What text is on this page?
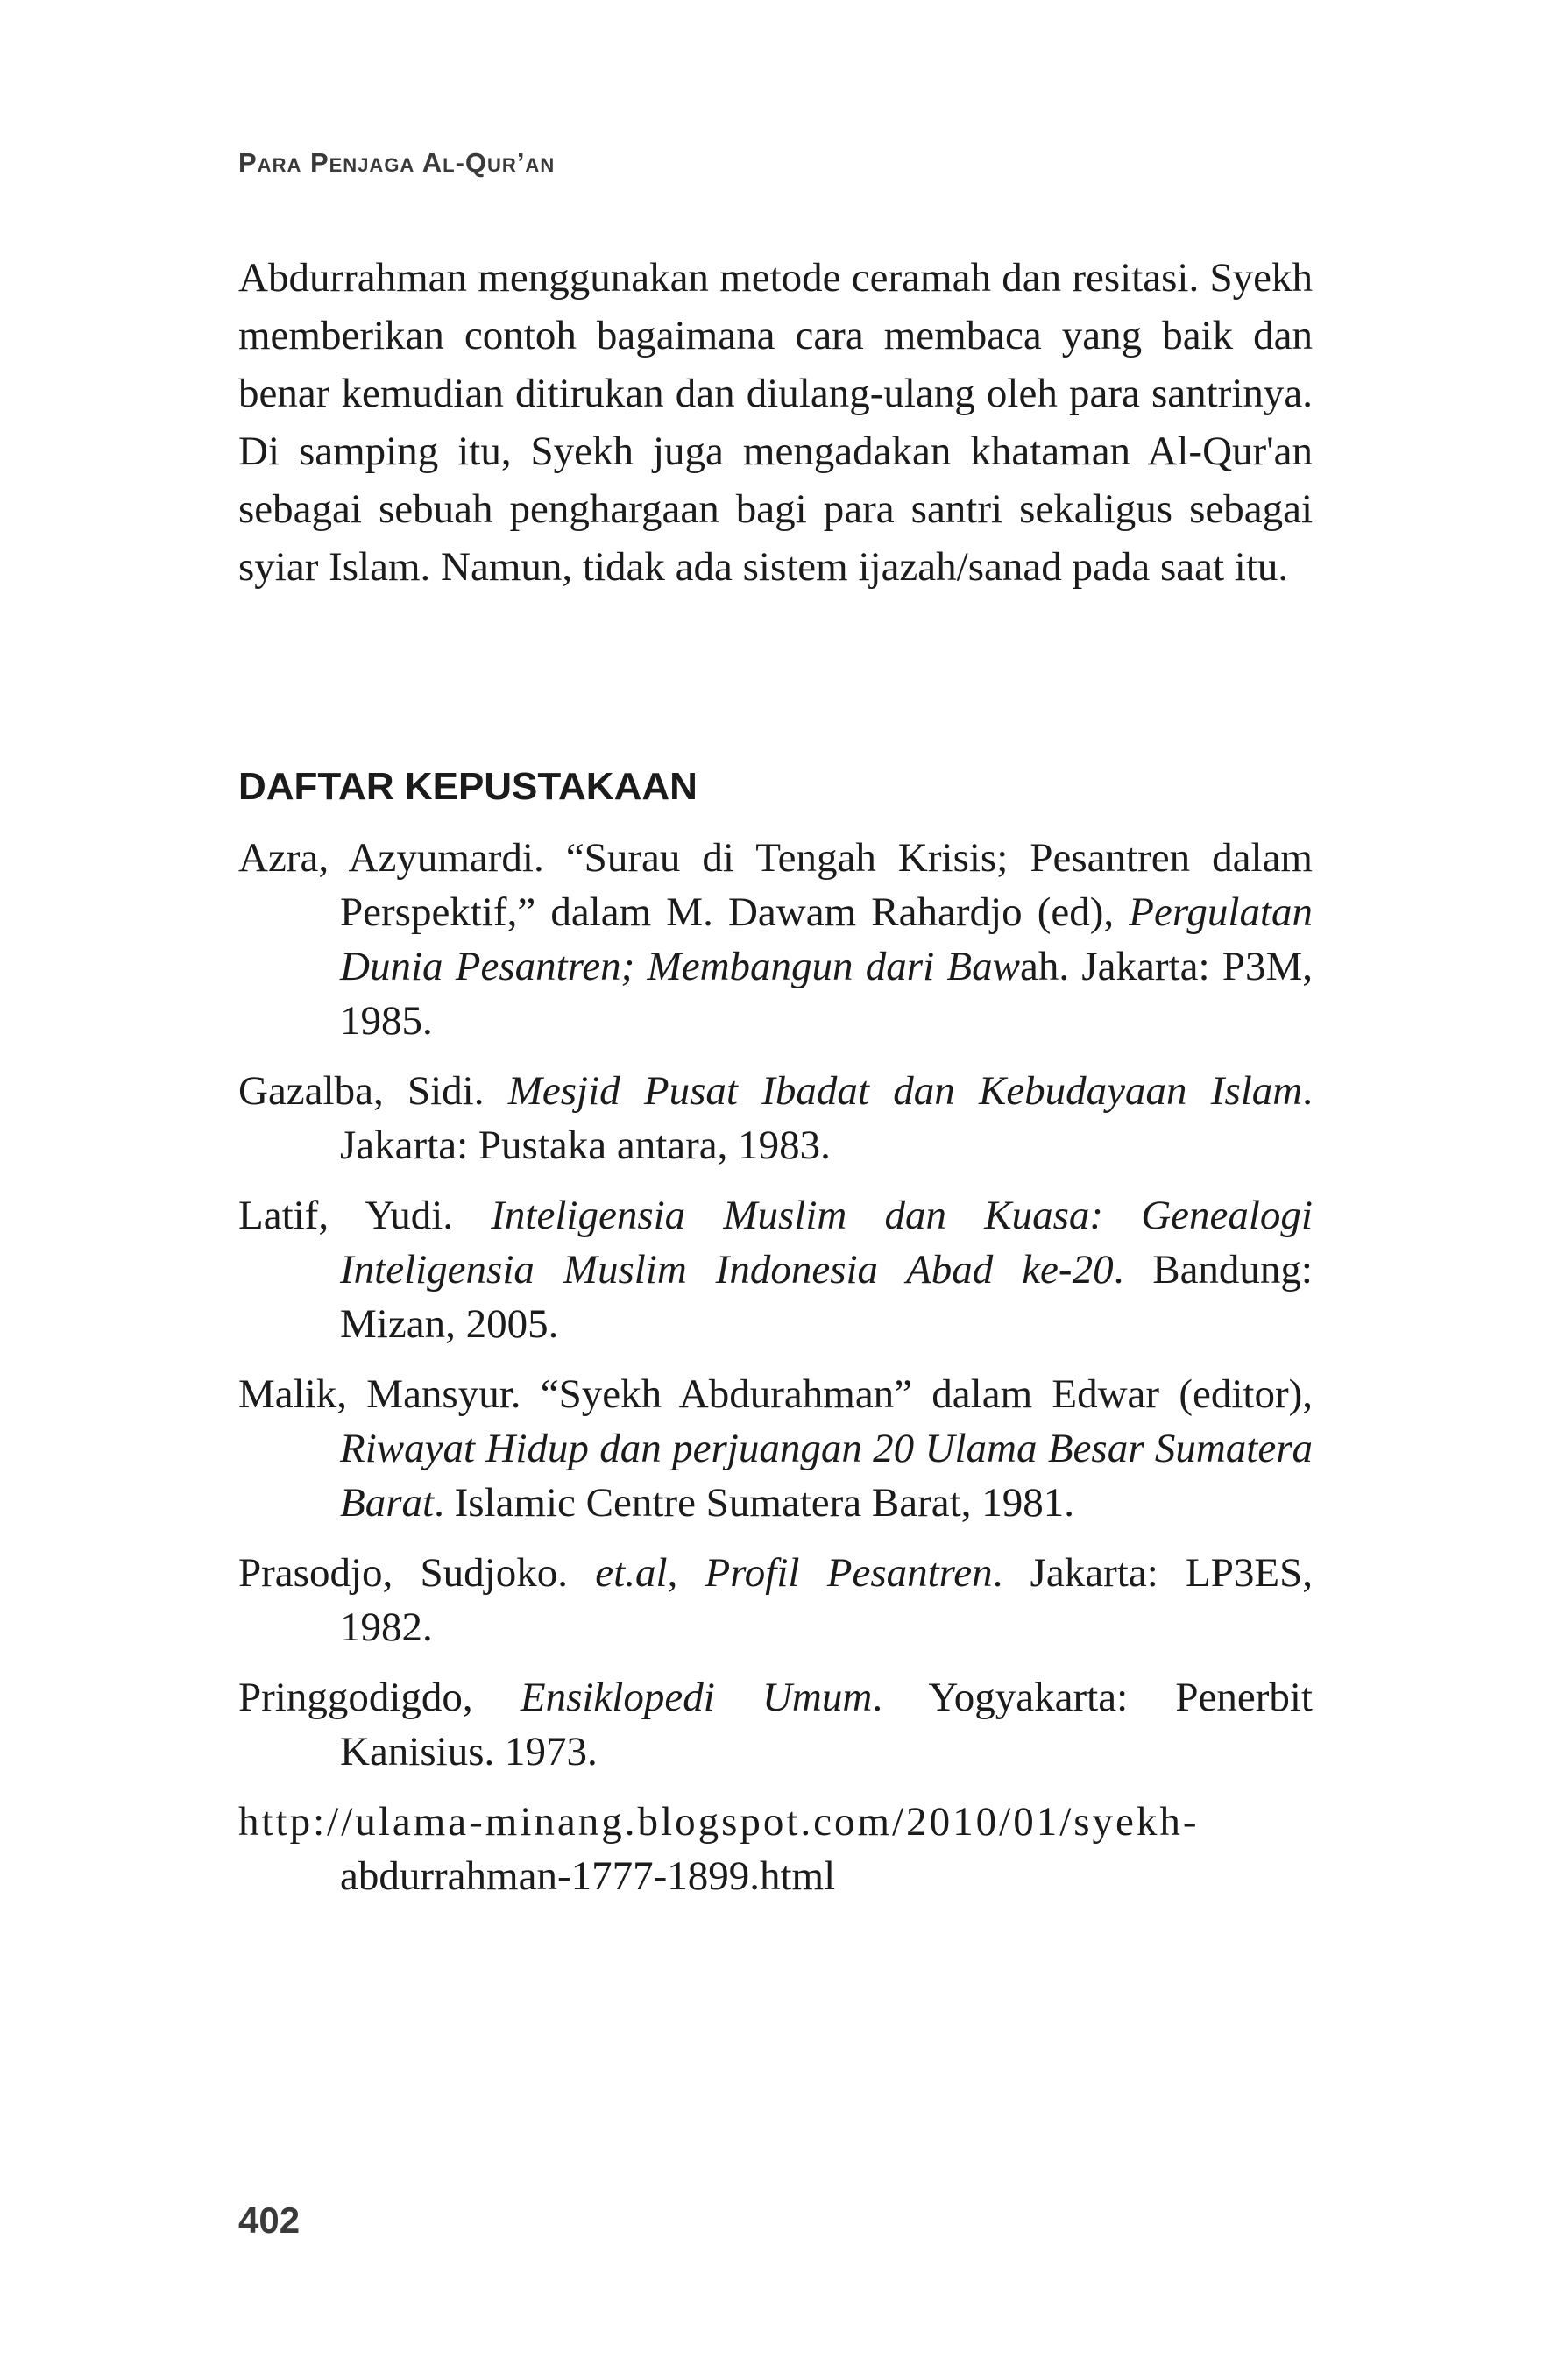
Para Penjaga Al-Qur’an

Abdurrahman menggunakan metode ceramah dan resitasi. Syekh memberikan contoh bagaimana cara membaca yang baik dan benar kemudian ditirukan dan diulang-ulang oleh para santrinya. Di samping itu, Syekh juga mengadakan khataman Al-Qur'an sebagai sebuah penghargaan bagi para santri sekaligus sebagai syiar Islam. Namun, tidak ada sistem ijazah/sanad pada saat itu.

DAFTAR KEPUSTAKAAN
Azra, Azyumardi. “Surau di Tengah Krisis; Pesantren dalam Perspektif,” dalam M. Dawam Rahardjo (ed), Pergulatan Dunia Pesantren; Membangun dari Bawah. Jakarta: P3M, 1985.
Gazalba, Sidi. Mesjid Pusat Ibadat dan Kebudayaan Islam. Jakarta: Pustaka antara, 1983.
Latif, Yudi. Inteligensia Muslim dan Kuasa: Genealogi Inteligensia Muslim Indonesia Abad ke-20. Bandung: Mizan, 2005.
Malik, Mansyur. “Syekh Abdurahman” dalam Edwar (editor), Riwayat Hidup dan perjuangan 20 Ulama Besar Sumatera Barat. Islamic Centre Sumatera Barat, 1981.
Prasodjo, Sudjoko. et.al, Profil Pesantren. Jakarta: LP3ES, 1982.
Pringgodigdo, Ensiklopedi Umum. Yogyakarta: Penerbit Kanisius. 1973.
http://ulama-minang.blogspot.com/2010/01/syekh- abdurrahman-1777-1899.html
402
